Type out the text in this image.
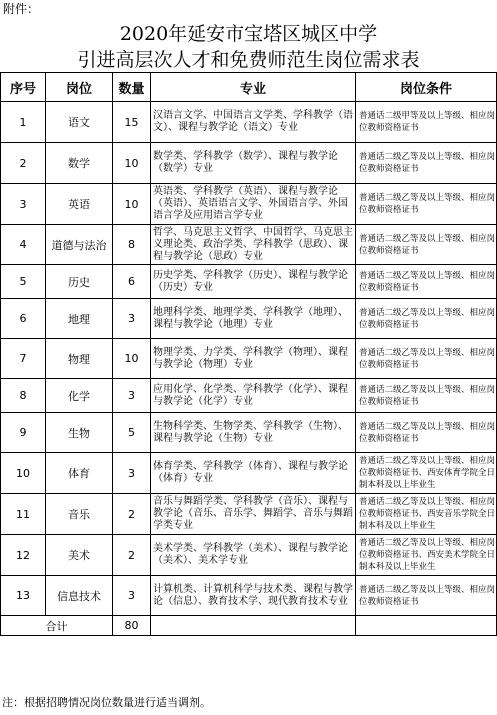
附件：
2020年延安市宝塔区城区中学
引进高层次人才和免费师范生岗位需求表
序号	岗位	数量	专业	岗位条件
1	语文	15	汉语言文学、中国语言文学类、学科教学（语文）、课程与教学论（语文）专业	普通话二级甲等及以上等级、相应岗位教师资格证书
2	数学	10	数学类、学科教学（数学）、课程与教学论（数学）专业	普通话二级乙等及以上等级、相应岗位教师资格证书
3	英语	10	英语类、学科教学（英语）、课程与教学论（英语）、英语语言文学、外国语言学、外国语言学及应用语言学专业	普通话二级乙等及以上等级、相应岗位教师资格证书
4	道德与法治	8	哲学、马克思主义哲学、中国哲学、马克思主义理论类、政治学类、学科教学（思政）、课程与教学论（思政）专业	普通话二级乙等及以上等级、相应岗位教师资格证书
5	历史	6	历史学类、学科教学（历史）、课程与教学论（历史）专业	普通话二级乙等及以上等级、相应岗位教师资格证书
6	地理	3	地理科学类、地理学类、学科教学（地理）、课程与教学论（地理）专业	普通话二级乙等及以上等级、相应岗位教师资格证书
7	物理	10	物理学类、力学类、学科教学（物理）、课程与教学论（物理）专业	普通话二级乙等及以上等级、相应岗位教师资格证书
8	化学	3	应用化学、化学类、学科教学（化学）、课程与教学论（化学）专业	普通话二级乙等及以上等级、相应岗位教师资格证书
9	生物	5	生物科学类、生物学类、学科教学（生物）、课程与教学论（生物）专业	普通话二级乙等及以上等级、相应岗位教师资格证书
10	体育	3	体育学类、学科教学（体育）、课程与教学论（体育）专业	普通话二级乙等及以上等级、相应岗位教师资格证书、西安体育学院全日制本科及以上毕业生
11	音乐	2	音乐与舞蹈学类、学科教学（音乐）、课程与教学论（音乐、音乐学、舞蹈学、音乐与舞蹈学类专业	普通话二级乙等及以上等级、相应岗位教师资格证书、西安音乐学院全日制本科及以上毕业生
12	美术	2	美术学类、学科教学（美术）、课程与教学论（美术）、美术学专业	普通话二级乙等及以上等级、相应岗位教师资格证书、西安美术学院全日制本科及以上毕业生
13	信息技术	3	计算机类、计算机科学与技术类、课程与教学论（信息）、教育技术学、现代教育技术专业	普通话二级乙等及以上等级、相应岗位教师资格证书
合计		80		
注：根据招聘情况岗位数量进行适当调剂。
